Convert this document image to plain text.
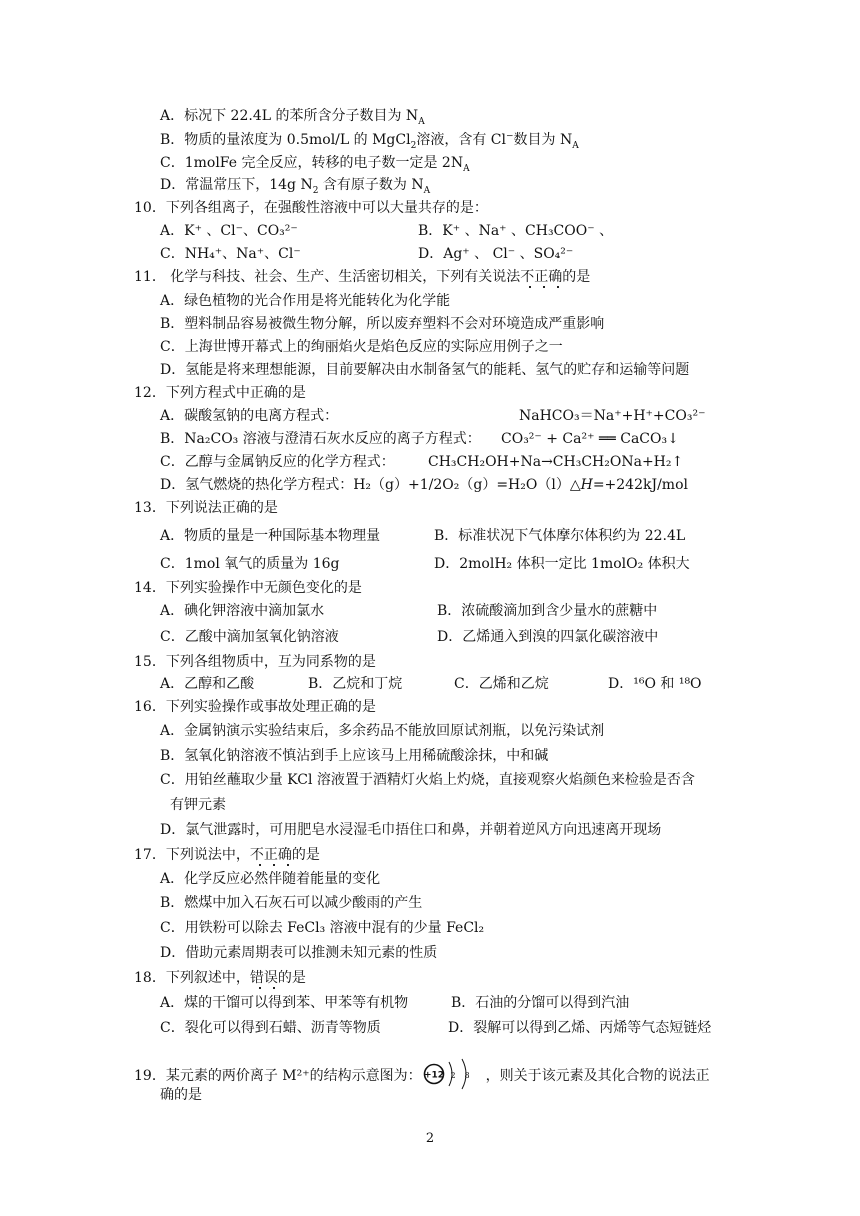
A．标况下 22.4L 的苯所含分子数目为 $N_A$
B．物质的量浓度为 0.5mol/L 的 MgCl$_2$溶液，含有 Cl−数目为 $N_A$
C．1molFe 完全反应，转移的电子数一定是 $2N_A$
D．常温常压下，14g $N_2$ 含有原子数为 $N_A$
10．下列各组离子，在强酸性溶液中可以大量共存的是：
A．K⁺ 、Cl⁻、CO₃²⁻	B．K⁺ 、Na⁺ 、CH₃COO⁻ 、
C．NH₄⁺、Na⁺、Cl⁻	D．Ag⁺ 、 Cl⁻ 、SO₄²⁻
11． 化学与科技、社会、生产、生活密切相关，下列有关说法不正确的是
A．绿色植物的光合作用是将光能转化为化学能
B．塑料制品容易被微生物分解，所以废弃塑料不会对环境造成严重影响
C．上海世博开幕式上的绚丽焰火是焰色反应的实际应用例子之一
D．氢能是将来理想能源，目前要解决由水制备氢气的能耗、氢气的贮存和运输等问题
12．下列方程式中正确的是
A．碳酸氢钠的电离方程式：	NaHCO₃＝Na⁺+H⁺+CO₃²⁻
B．Na₂CO₃ 溶液与澄清石灰水反应的离子方程式： CO₃²⁻ + Ca²⁺ ══ CaCO₃↓
C．乙醇与金属钠反应的化学方程式： CH₃CH₂OH+Na→CH₃CH₂ONa+H₂↑
D．氢气燃烧的热化学方程式：H₂（g）+1/2O₂（g）=H₂O（l）△H=+242kJ/mol
13．下列说法正确的是
A．物质的量是一种国际基本物理量	B．标准状况下气体摩尔体积约为 22.4L
C．1mol 氧气的质量为 16g	D．2molH₂ 体积一定比 1molO₂ 体积大
14．下列实验操作中无颜色变化的是
A．碘化钾溶液中滴加氯水	B．浓硫酸滴加到含少量水的蔗糖中
C．乙酸中滴加氢氧化钠溶液	D．乙烯通入到溴的四氯化碳溶液中
15．下列各组物质中，互为同系物的是
A．乙醇和乙酸	B．乙烷和丁烷	C．乙烯和乙烷	D．¹⁶O 和 ¹⁸O
16．下列实验操作或事故处理正确的是
A．金属钠演示实验结束后，多余药品不能放回原试剂瓶，以免污染试剂
B．氢氧化钠溶液不慎沾到手上应该马上用稀硫酸涂抹，中和碱
C．用铂丝蘸取少量 KCl 溶液置于酒精灯火焰上灼烧，直接观察火焰颜色来检验是否含
有钾元素
D．氯气泄露时，可用肥皂水浸湿毛巾捂住口和鼻，并朝着逆风方向迅速离开现场
17．下列说法中，不正确的是
A．化学反应必然伴随着能量的变化
B．燃煤中加入石灰石可以减少酸雨的产生
C．用铁粉可以除去 FeCl₃ 溶液中混有的少量 FeCl₂
D．借助元素周期表可以推测未知元素的性质
18．下列叙述中，错误的是
A．煤的干馏可以得到苯、甲苯等有机物	B．石油的分馏可以得到汽油
C．裂化可以得到石蜡、沥青等物质	D．裂解可以得到乙烯、丙烯等气态短链烃
19．某元素的两价离子 M²⁺的结构示意图为： +12 2 8 ，则关于该元素及其化合物的说法正
确的是
2
